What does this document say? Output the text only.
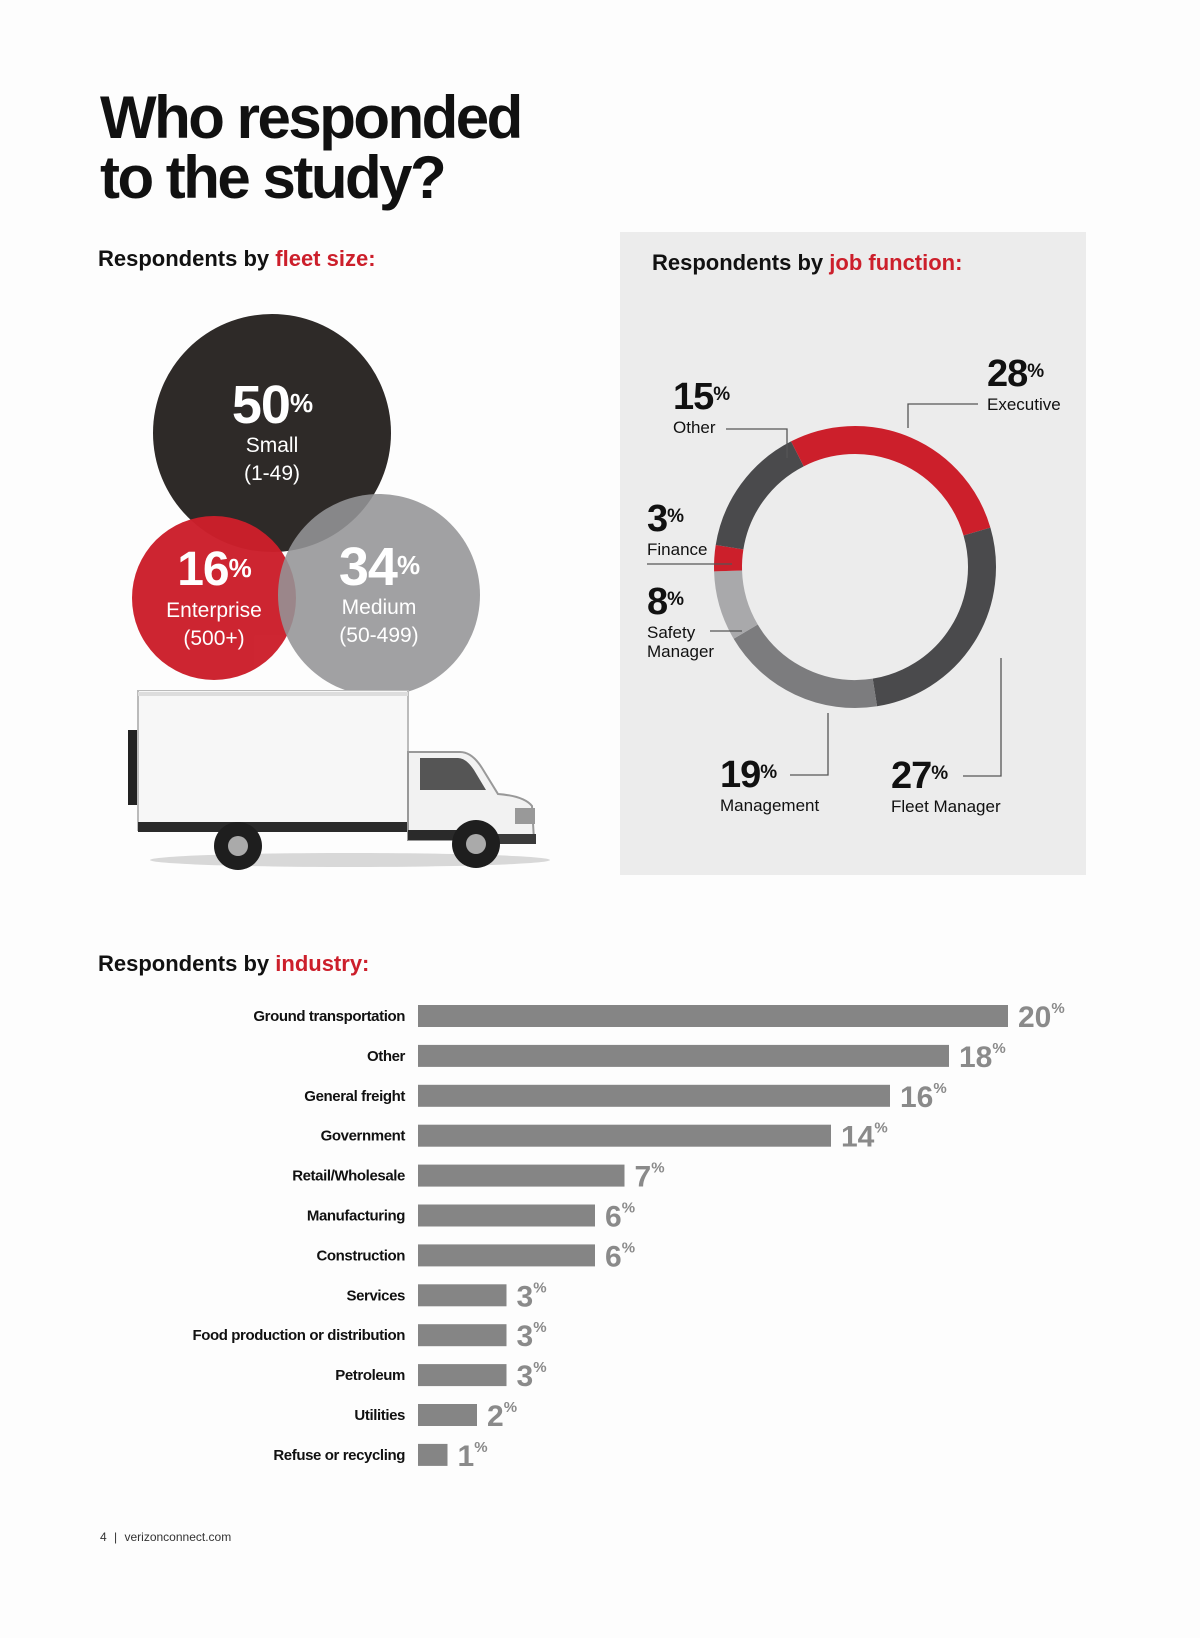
Who responded
to the study?
Respondents by fleet size:
50%
Small
(1-49)
16%
Enterprise
(500+)
34%
Medium
(50-499)
Respondents by job function:
28%
Executive
15%
Other
3%
Finance
8%
Safety Manager
19%
Management
27%
Fleet Manager
Respondents by industry:
Ground transportation	20%
Other	18%
General freight	16%
Government	14%
Retail/Wholesale	7%
Manufacturing	6%
Construction	6%
Services	3%
Food production or distribution	3%
Petroleum	3%
Utilities	2%
Refuse or recycling 1%
4 | verizonconnect.com
